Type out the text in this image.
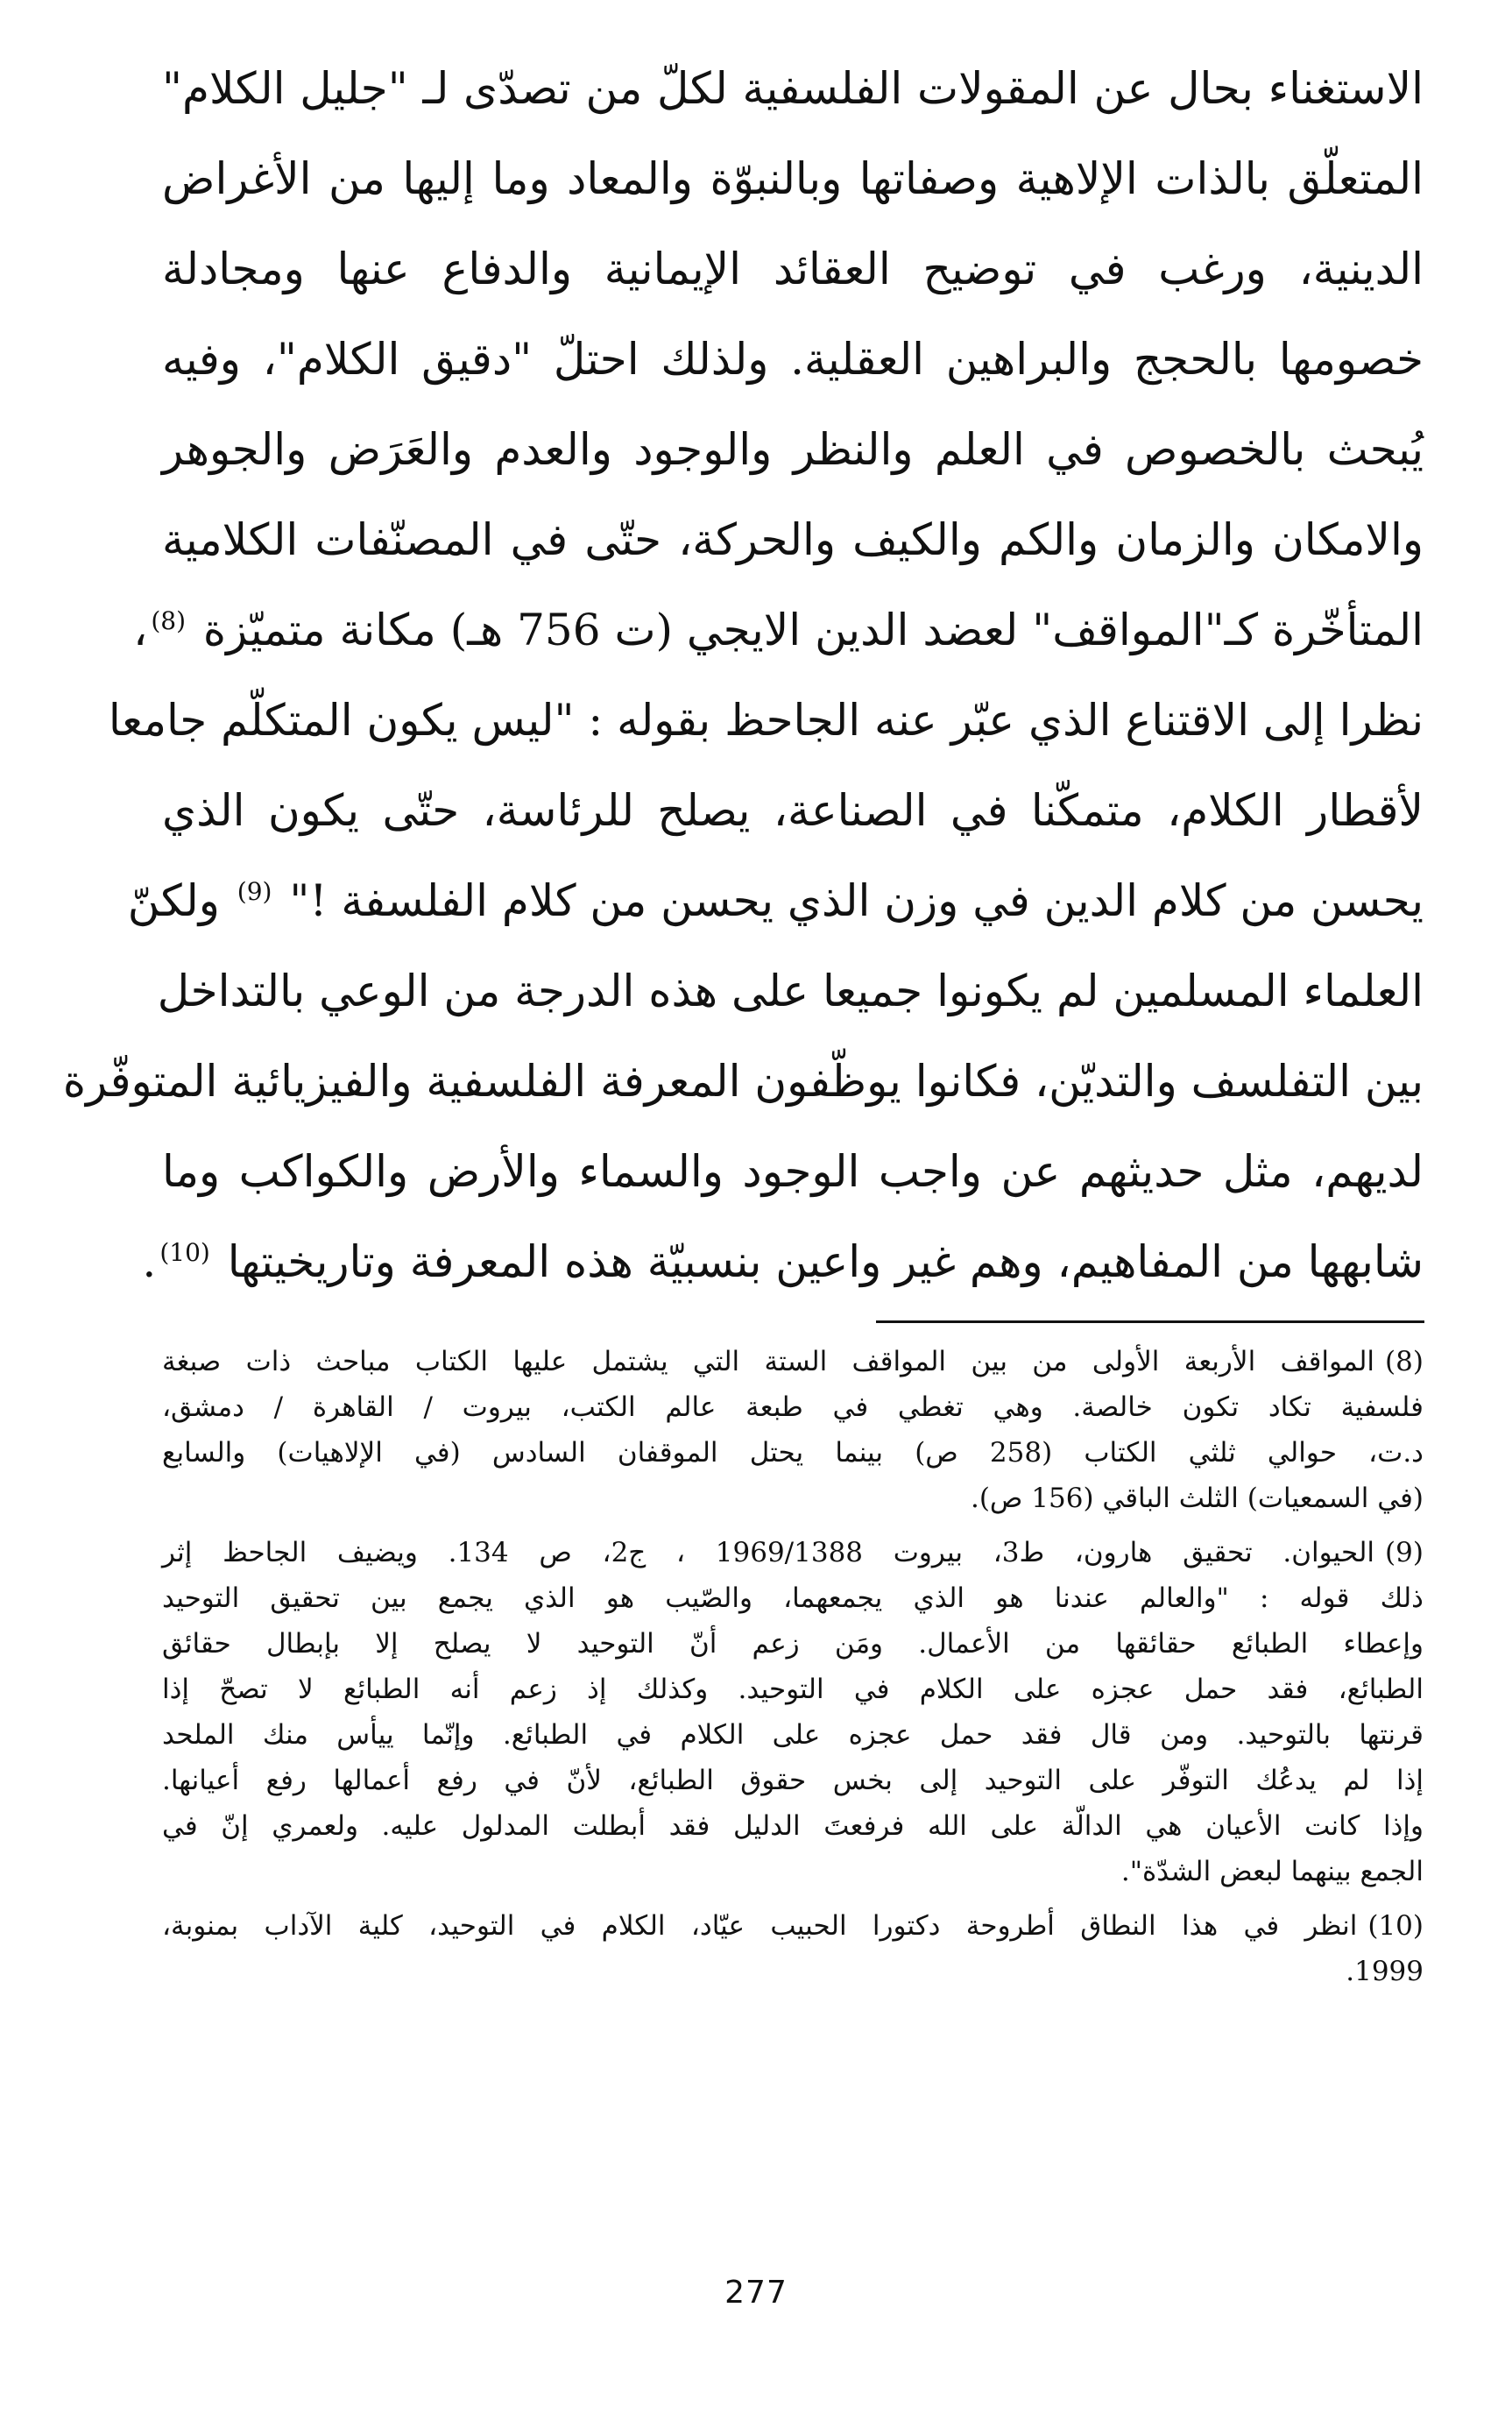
الاستغناء بحال عن المقولات الفلسفية لكلّ من تصدّى لـ "جليل الكلام"
المتعلّق بالذات الإلاهية وصفاتها وبالنبوّة والمعاد وما إليها من الأغراض
الدينية، ورغب في توضيح العقائد الإيمانية والدفاع عنها ومجادلة
خصومها بالحجج والبراهين العقلية. ولذلك احتلّ "دقيق الكلام"، وفيه
يُبحث بالخصوص في العلم والنظر والوجود والعدم والعَرَض والجوهر
والامكان والزمان والكم والكيف والحركة، حتّى في المصنّفات الكلامية
المتأخّرة كـ"المواقف" لعضد الدين الايجي (ت 756 هـ) مكانة متميّزة $^{(8)}$،
نظرا إلى الاقتناع الذي عبّر عنه الجاحظ بقوله : "ليس يكون المتكلّم جامعا
لأقطار الكلام، متمكّنا في الصناعة، يصلح للرئاسة، حتّى يكون الذي
يحسن من كلام الدين في وزن الذي يحسن من كلام الفلسفة !" $^{(9)}$ ولكنّ
العلماء المسلمين لم يكونوا جميعا على هذه الدرجة من الوعي بالتداخل
بين التفلسف والتديّن، فكانوا يوظّفون المعرفة الفلسفية والفيزيائية المتوفّرة
لديهم، مثل حديثهم عن واجب الوجود والسماء والأرض والكواكب وما
شابهها من المفاهيم، وهم غير واعين بنسبيّة هذه المعرفة وتاريخيتها $^{(10)}$.
(8)المواقف الأربعة الأولى من بين المواقف الستة التي يشتمل عليها الكتاب مباحث ذات صبغة
فلسفية تكاد تكون خالصة. وهي تغطي في طبعة عالم الكتب، بيروت / القاهرة / دمشق،
د.ت، حوالي ثلثي الكتاب (258 ص) بينما يحتل الموقفان السادس (في الإلاهيات) والسابع
(في السمعيات) الثلث الباقي (156 ص).
(9)الحيوان. تحقيق هارون، ط3، بيروت 1969/1388 ، ج2، ص 134. ويضيف الجاحظ إثر
ذلك قوله : "والعالم عندنا هو الذي يجمعهما، والصّيب هو الذي يجمع بين تحقيق التوحيد
وإعطاء الطبائع حقائقها من الأعمال. ومَن زعم أنّ التوحيد لا يصلح إلا بإبطال حقائق
الطبائع، فقد حمل عجزه على الكلام في التوحيد. وكذلك إذ زعم أنه الطبائع لا تصحّ إذا
قرنتها بالتوحيد. ومن قال فقد حمل عجزه على الكلام في الطبائع. وإنّما ييأس منك الملحد
إذا لم يدعُك التوفّر على التوحيد إلى بخس حقوق الطبائع، لأنّ في رفع أعمالها رفع أعيانها.
وإذا كانت الأعيان هي الدالّة على الله فرفعتَ الدليل فقد أبطلت المدلول عليه. ولعمري إنّ في
الجمع بينهما لبعض الشدّة".
(10)انظر في هذا النطاق أطروحة دكتورا الحبيب عيّاد، الكلام في التوحيد، كلية الآداب بمنوبة،
1999.
277
